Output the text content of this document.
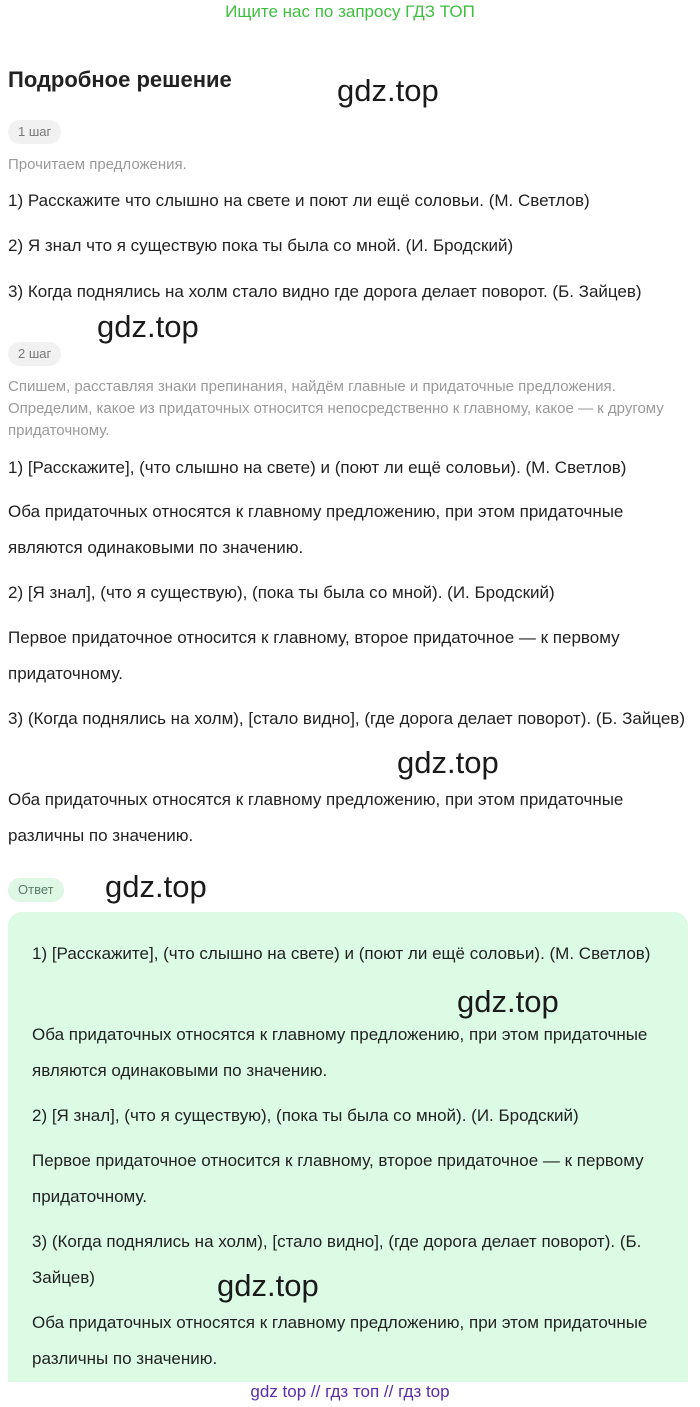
Ищите нас по запросу ГДЗ ТОП
Подробное решение	gdz.top
1 шаг
Прочитаем предложения.
1) Расскажите что слышно на свете и поют ли ещё соловьи. (М. Светлов)
2) Я знал что я существую пока ты была со мной. (И. Бродский)
3) Когда поднялись на холм стало видно где дорога делает поворот. (Б. Зайцев)
gdz.top
2 шаг
Спишем, расставляя знаки препинания, найдём главные и придаточные предложения. Определим, какое из придаточных относится непосредственно к главному, какое — к другому придаточному.
1) [Расскажите], (что слышно на свете) и (поют ли ещё соловьи). (М. Светлов)
Оба придаточных относятся к главному предложению, при этом придаточные являются одинаковыми по значению.
2) [Я знал], (что я существую), (пока ты была со мной). (И. Бродский)
Первое придаточное относится к главному, второе придаточное — к первому придаточному.
3) (Когда поднялись на холм), [стало видно], (где дорога делает поворот). (Б. Зайцев)
gdz.top
Оба придаточных относятся к главному предложению, при этом придаточные различны по значению.
Ответ	gdz.top
1) [Расскажите], (что слышно на свете) и (поют ли ещё соловьи). (М. Светлов)
gdz.top
Оба придаточных относятся к главному предложению, при этом придаточные являются одинаковыми по значению.
2) [Я знал], (что я существую), (пока ты была со мной). (И. Бродский)
Первое придаточное относится к главному, второе придаточное — к первому придаточному.
3) (Когда поднялись на холм), [стало видно], (где дорога делает поворот). (Б. Зайцев)	gdz.top
Оба придаточных относятся к главному предложению, при этом придаточные различны по значению.
gdz top // гдз топ // гдз top
